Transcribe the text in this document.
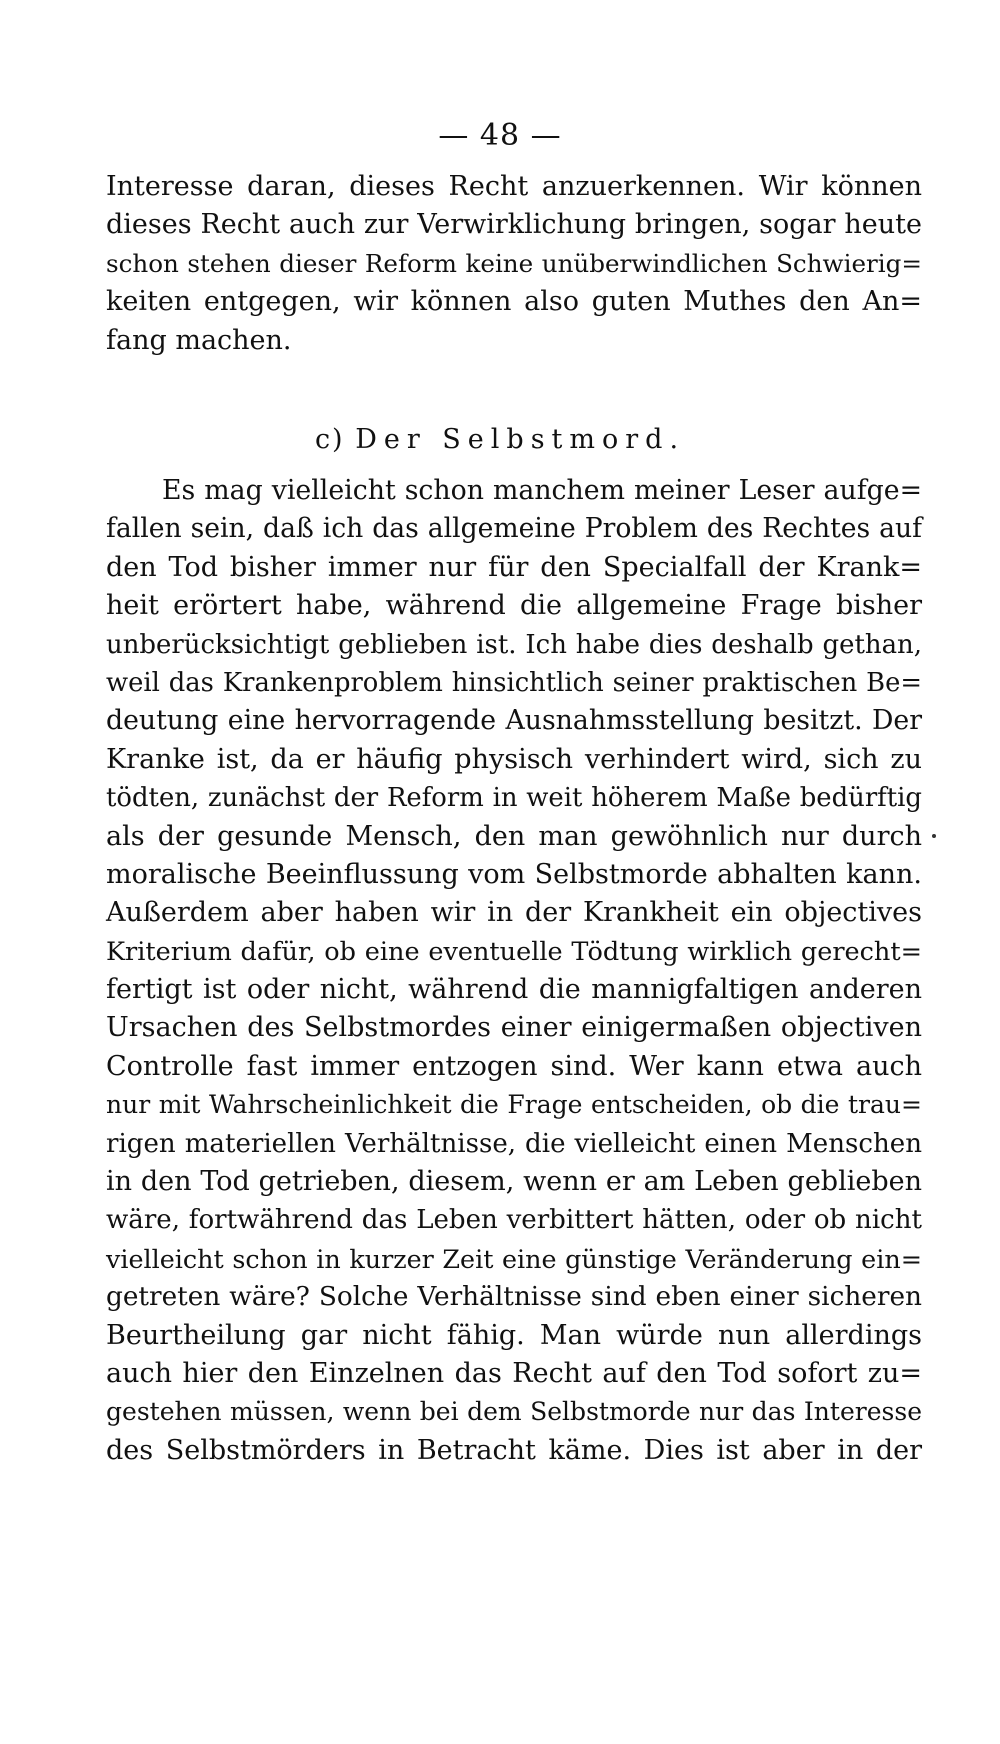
— 48 —
Interesse daran, dieses Recht anzuerkennen. Wir können
dieses Recht auch zur Verwirklichung bringen, sogar heute
schon stehen dieser Reform keine unüberwindlichen Schwierig=
keiten entgegen, wir können also guten Muthes den An=
fang machen.
c) Der Selbstmord.
Es mag vielleicht schon manchem meiner Leser aufge=
fallen sein, daß ich das allgemeine Problem des Rechtes auf
den Tod bisher immer nur für den Specialfall der Krank=
heit erörtert habe, während die allgemeine Frage bisher
unberücksichtigt geblieben ist. Ich habe dies deshalb gethan,
weil das Krankenproblem hinsichtlich seiner praktischen Be=
deutung eine hervorragende Ausnahmsstellung besitzt. Der
Kranke ist, da er häufig physisch verhindert wird, sich zu
tödten, zunächst der Reform in weit höherem Maße bedürftig
als der gesunde Mensch, den man gewöhnlich nur durch
moralische Beeinflussung vom Selbstmorde abhalten kann.
Außerdem aber haben wir in der Krankheit ein objectives
Kriterium dafür, ob eine eventuelle Tödtung wirklich gerecht=
fertigt ist oder nicht, während die mannigfaltigen anderen
Ursachen des Selbstmordes einer einigermaßen objectiven
Controlle fast immer entzogen sind. Wer kann etwa auch
nur mit Wahrscheinlichkeit die Frage entscheiden, ob die trau=
rigen materiellen Verhältnisse, die vielleicht einen Menschen
in den Tod getrieben, diesem, wenn er am Leben geblieben
wäre, fortwährend das Leben verbittert hätten, oder ob nicht
vielleicht schon in kurzer Zeit eine günstige Veränderung ein=
getreten wäre? Solche Verhältnisse sind eben einer sicheren
Beurtheilung gar nicht fähig. Man würde nun allerdings
auch hier den Einzelnen das Recht auf den Tod sofort zu=
gestehen müssen, wenn bei dem Selbstmorde nur das Interesse
des Selbstmörders in Betracht käme. Dies ist aber in der
